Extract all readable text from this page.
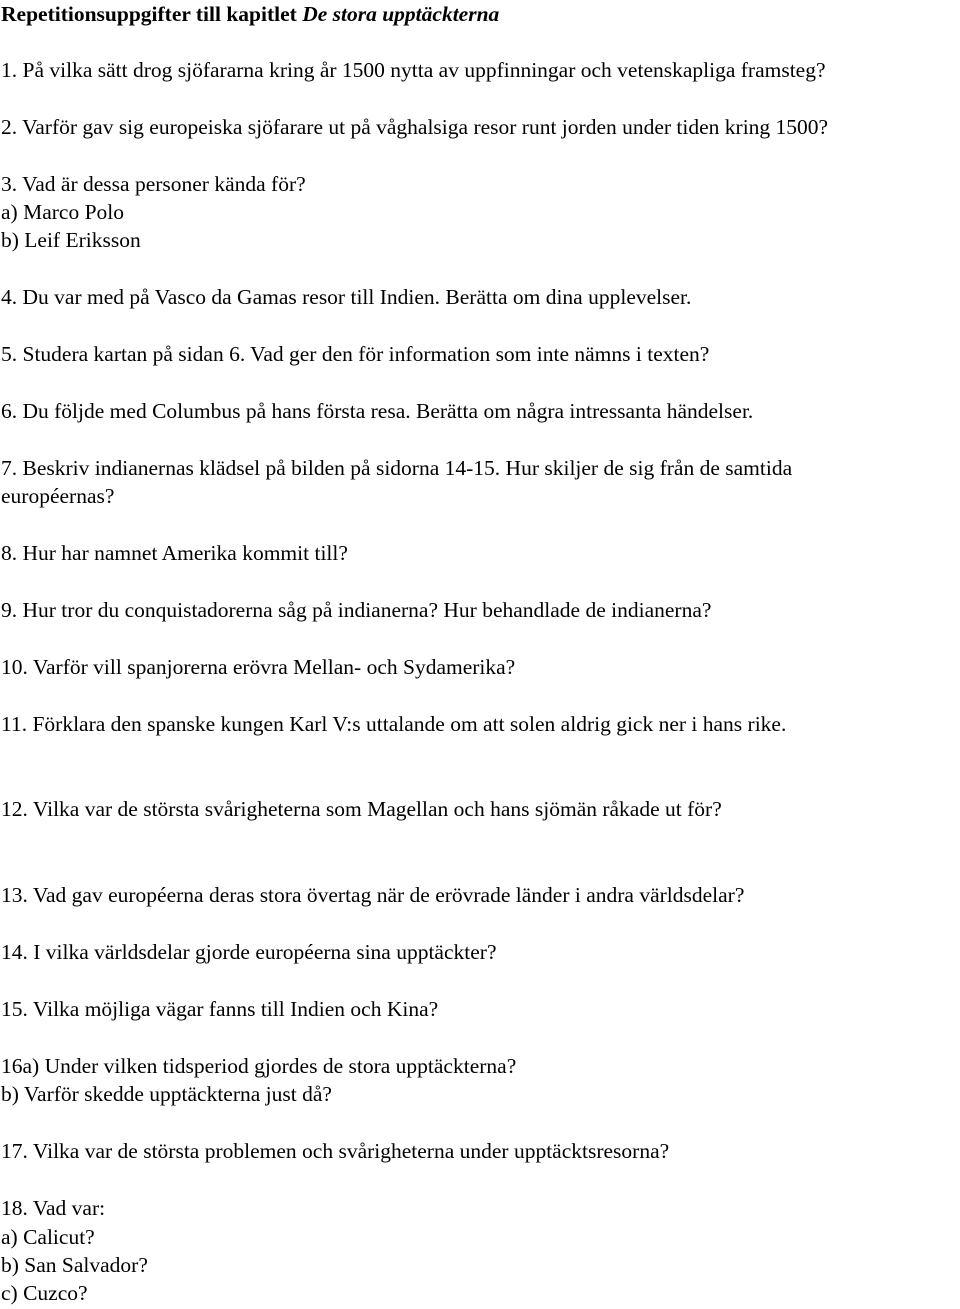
Repetitionsuppgifter till kapitlet De stora upptäckterna

1. På vilka sätt drog sjöfararna kring år 1500 nytta av uppfinningar och vetenskapliga framsteg?

2. Varför gav sig europeiska sjöfarare ut på våghalsiga resor runt jorden under tiden kring 1500?

3. Vad är dessa personer kända för?

a) Marco Polo

b) Leif Eriksson

4. Du var med på Vasco da Gamas resor till Indien. Berätta om dina upplevelser.

5. Studera kartan på sidan 6. Vad ger den för information som inte nämns i texten?

6. Du följde med Columbus på hans första resa. Berätta om några intressanta händelser.

7. Beskriv indianernas klädsel på bilden på sidorna 14-15. Hur skiljer de sig från de samtida

européernas?

8. Hur har namnet Amerika kommit till?

9. Hur tror du conquistadorerna såg på indianerna? Hur behandlade de indianerna?

10. Varför vill spanjorerna erövra Mellan- och Sydamerika?

11. Förklara den spanske kungen Karl V:s uttalande om att solen aldrig gick ner i hans rike.

12. Vilka var de största svårigheterna som Magellan och hans sjömän råkade ut för?

13. Vad gav européerna deras stora övertag när de erövrade länder i andra världsdelar?

14. I vilka världsdelar gjorde européerna sina upptäckter?

15. Vilka möjliga vägar fanns till Indien och Kina?

16a) Under vilken tidsperiod gjordes de stora upptäckterna?

b) Varför skedde upptäckterna just då?

17. Vilka var de största problemen och svårigheterna under upptäcktsresorna?

18. Vad var:

a) Calicut?

b) San Salvador?

c) Cuzco?
